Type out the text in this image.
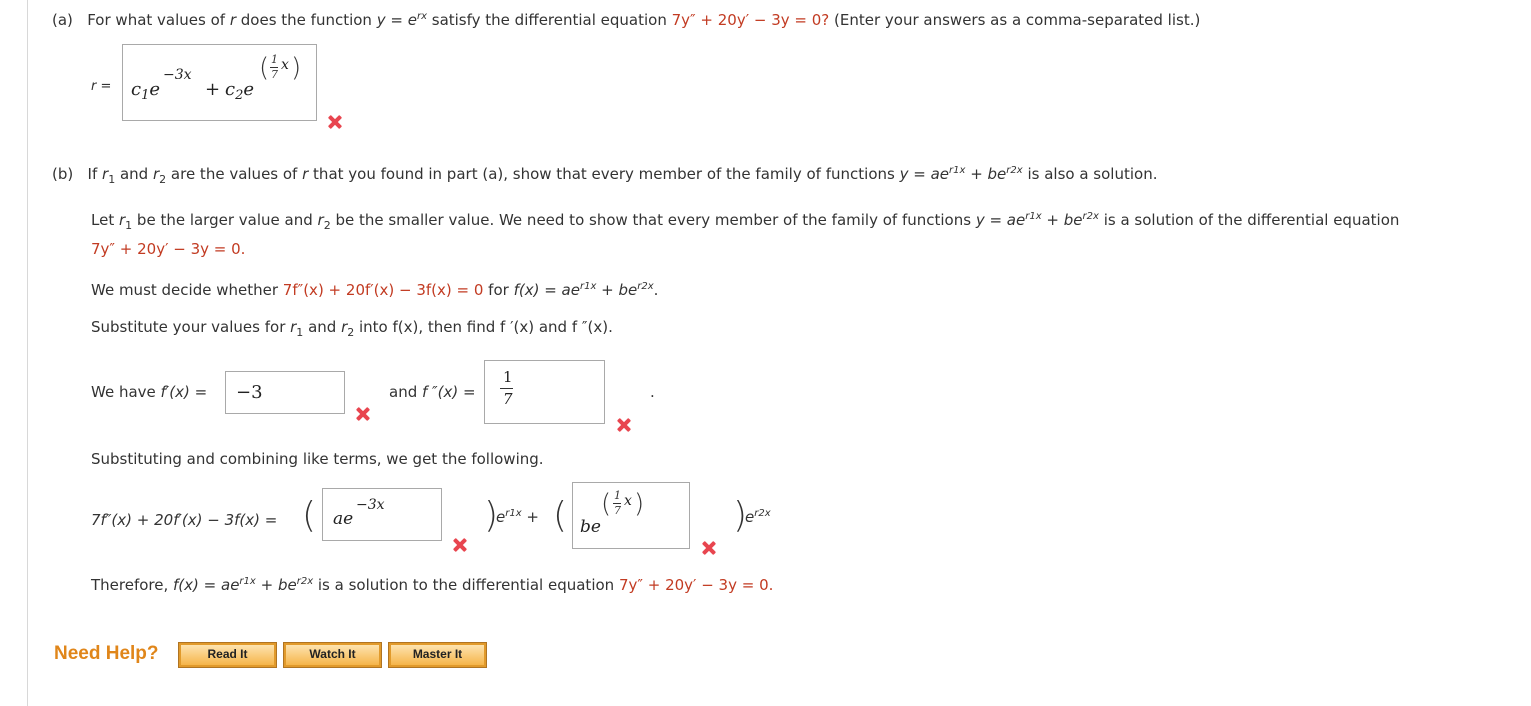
(a) For what values of r does the function $y = e^{rx}$ satisfy the differential equation 7y″ + 20y′ − 3y = 0? (Enter your answers as a comma-separated list.)
$r = c_1e$
−3x
+ $c_2e$
( 1
7
x )
(b) If $r_1$ and $r_2$ are the values of r that you found in part (a), show that every member of the family of functions $y = ae^{r1x} + be^{r2x}$ is also a solution.
Let $r_1$ be the larger value and $r_2$ be the smaller value. We need to show that every member of the family of functions $y = ae^{r1x} + be^{r2x}$ is a solution of the differential equation
7y″ + 20y′ − 3y = 0.
We must decide whether 7f″(x) + 20f′(x) − 3f(x) = 0 for $f(x) = ae^{r1x} + be^{r2x}$.
Substitute your values for $r_1$ and $r_2$ into f(x), then find f ′(x) and f ″(x).
We have f′(x) = −3	and f ″(x) =
1
7	.
Substituting and combining like terms, we get the following.
7f″(x) + 20f′(x) − 3f(x) = ( ae
−3x	)
$e^{r1x}$ + ( be
( 1
7
x ) )
$e^{r2x}$
Therefore, $f(x) = ae^{r1x} + be^{r2x}$ is a solution to the differential equation 7y″ + 20y′ − 3y = 0.
Need Help?	Read It	Watch It	Master It
